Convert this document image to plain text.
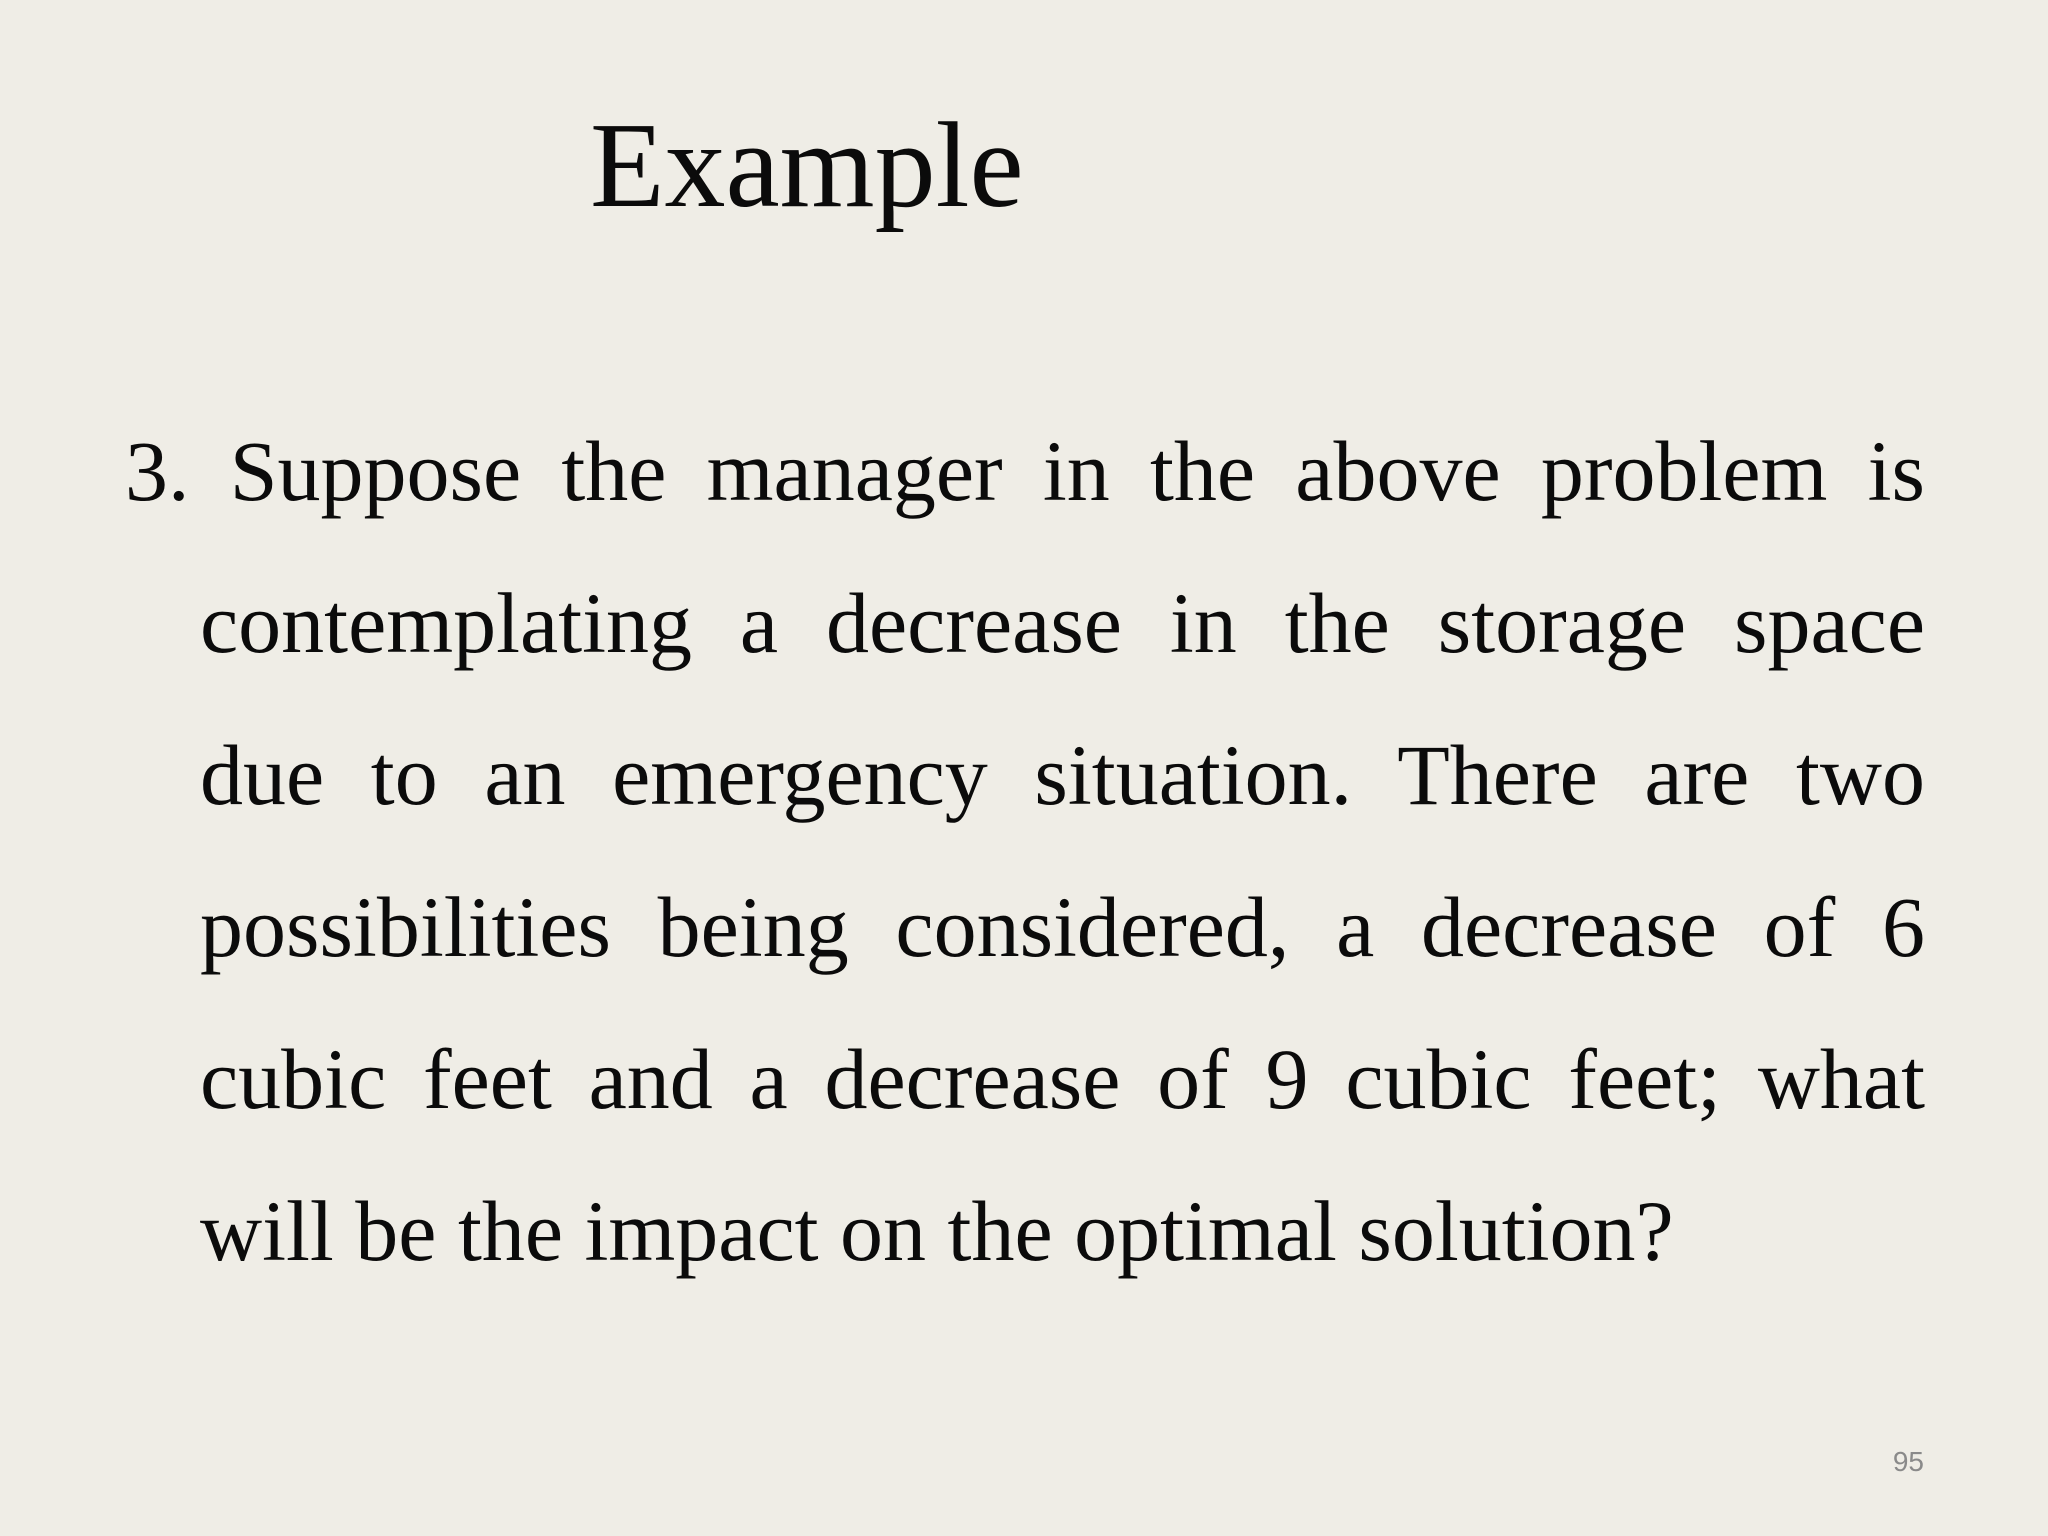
Example
3. Suppose the manager in the above problem is
contemplating a decrease in the storage space
due to an emergency situation. There are two
possibilities being considered, a decrease of 6
cubic feet and a decrease of 9 cubic feet; what
will be the impact on the optimal solution?
95
